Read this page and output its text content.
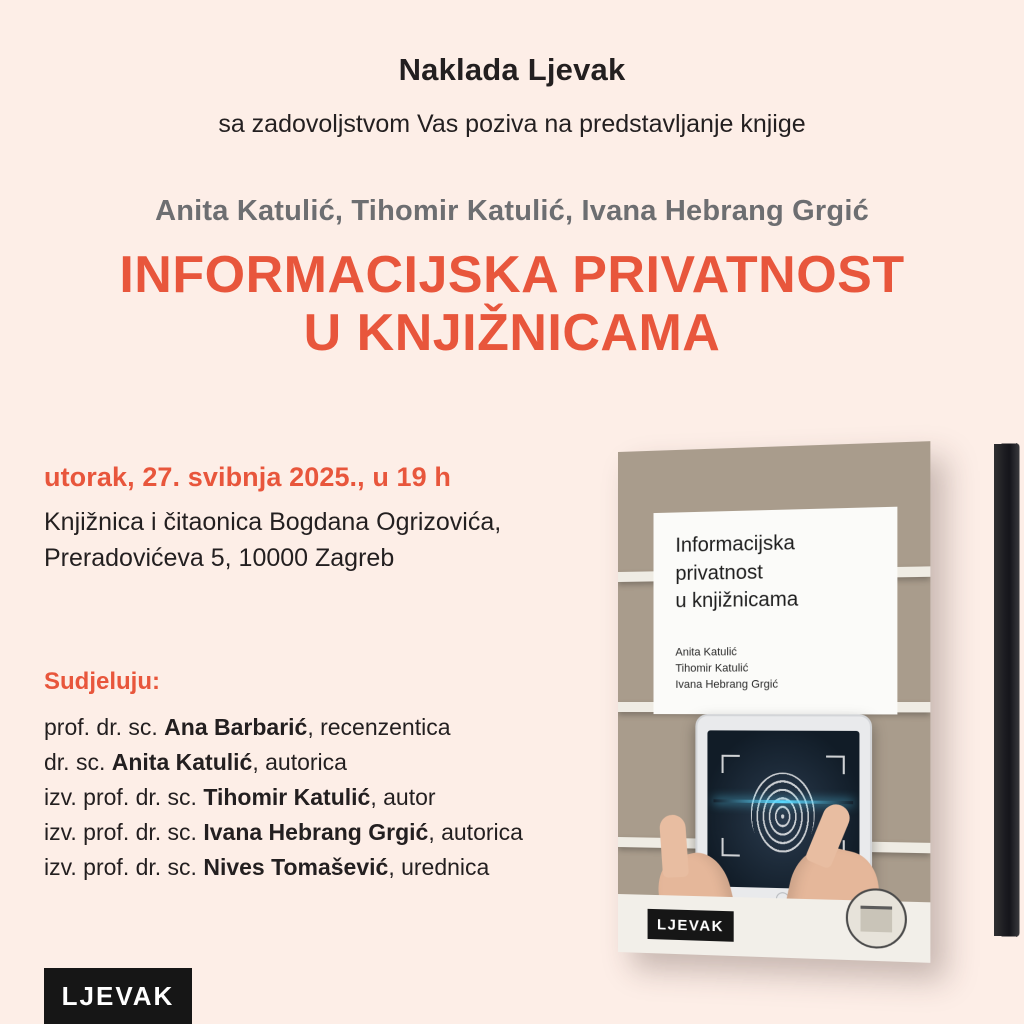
Naklada Ljevak
sa zadovoljstvom Vas poziva na predstavljanje knjige
Anita Katulić, Tihomir Katulić, Ivana Hebrang Grgić
INFORMACIJSKA PRIVATNOST
U KNJIŽNICAMA
utorak, 27. svibnja 2025., u 19 h
Knjižnica i čitaonica Bogdana Ogrizovića,
Preradovićeva 5, 10000 Zagreb
Sudjeluju:
prof. dr. sc. Ana Barbarić, recenzentica
dr. sc. Anita Katulić, autorica
izv. prof. dr. sc. Tihomir Katulić, autor
izv. prof. dr. sc. Ivana Hebrang Grgić, autorica
izv. prof. dr. sc. Nives Tomašević, urednica
LJEVAK
Informacijska
privatnost
u knjižnicama
Anita Katulić
Tihomir Katulić
Ivana Hebrang Grgić
LJEVAK
